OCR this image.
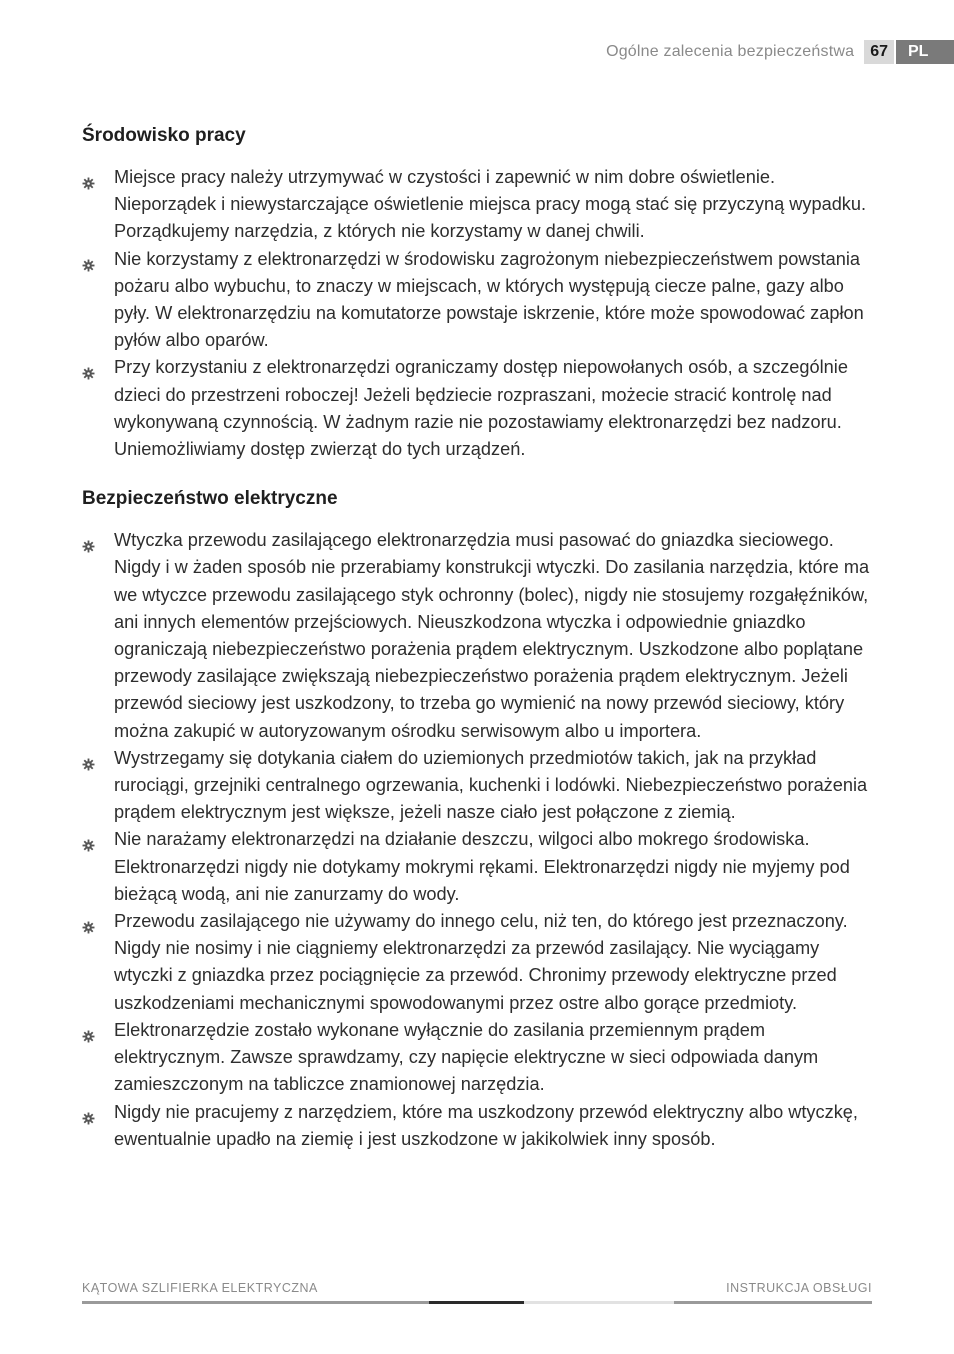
Ogólne zalecenia bezpieczeństwa	67	PL
Środowisko pracy
Miejsce pracy należy utrzymywać w czystości i zapewnić w nim dobre oświetlenie. Nieporządek i niewystarczające oświetlenie miejsca pracy mogą stać się przyczyną wypadku. Porządkujemy narzędzia, z których nie korzystamy w danej chwili.
Nie korzystamy z elektronarzędzi w środowisku zagrożonym niebezpieczeństwem powstania pożaru albo wybuchu, to znaczy w miejscach, w których występują ciecze palne, gazy albo pyły. W elektronarzędziu na komutatorze powstaje iskrzenie, które może spowodować zapłon pyłów albo oparów.
Przy korzystaniu z elektronarzędzi ograniczamy dostęp niepowołanych osób, a szczególnie dzieci do przestrzeni roboczej! Jeżeli będziecie rozpraszani, możecie stracić kontrolę nad wykonywaną czynnością. W żadnym razie nie pozostawiamy elektronarzędzi bez nadzoru. Uniemożliwiamy dostęp zwierząt do tych urządzeń.
Bezpieczeństwo elektryczne
Wtyczka przewodu zasilającego elektronarzędzia musi pasować do gniazdka sieciowego. Nigdy i w żaden sposób nie przerabiamy konstrukcji wtyczki. Do zasilania narzędzia, które ma we wtyczce przewodu zasilającego styk ochronny (bolec), nigdy nie stosujemy rozgałęźników, ani innych elementów przejściowych. Nieuszkodzona wtyczka i odpowiednie gniazdko ograniczają niebezpieczeństwo porażenia prądem elektrycznym. Uszkodzone albo poplątane przewody zasilające zwiększają niebezpieczeństwo porażenia prądem elektrycznym. Jeżeli przewód sieciowy jest uszkodzony, to trzeba go wymienić na nowy przewód sieciowy, który można zakupić w autoryzowanym ośrodku serwisowym albo u importera.
Wystrzegamy się dotykania ciałem do uziemionych przedmiotów takich, jak na przykład rurociągi, grzejniki centralnego ogrzewania, kuchenki i lodówki. Niebezpieczeństwo porażenia prądem elektrycznym jest większe, jeżeli nasze ciało jest połączone z ziemią.
Nie narażamy elektronarzędzi na działanie deszczu, wilgoci albo mokrego środowiska. Elektronarzędzi nigdy nie dotykamy mokrymi rękami. Elektronarzędzi nigdy nie myjemy pod bieżącą wodą, ani nie zanurzamy do wody.
Przewodu zasilającego nie używamy do innego celu, niż ten, do którego jest przeznaczony. Nigdy nie nosimy i nie ciągniemy elektronarzędzi za przewód zasilający. Nie wyciągamy wtyczki z gniazdka przez pociągnięcie za przewód. Chronimy przewody elektryczne przed uszkodzeniami mechanicznymi spowodowanymi przez ostre albo gorące przedmioty.
Elektronarzędzie zostało wykonane wyłącznie do zasilania przemiennym prądem elektrycznym. Zawsze sprawdzamy, czy napięcie elektryczne w sieci odpowiada danym zamieszczonym na tabliczce znamionowej narzędzia.
Nigdy nie pracujemy z narzędziem, które ma uszkodzony przewód elektryczny albo wtyczkę, ewentualnie upadło na ziemię i jest uszkodzone w jakikolwiek inny sposób.
KĄTOWA SZLIFIERKA ELEKTRYCZNA	INSTRUKCJA OBSŁUGI
